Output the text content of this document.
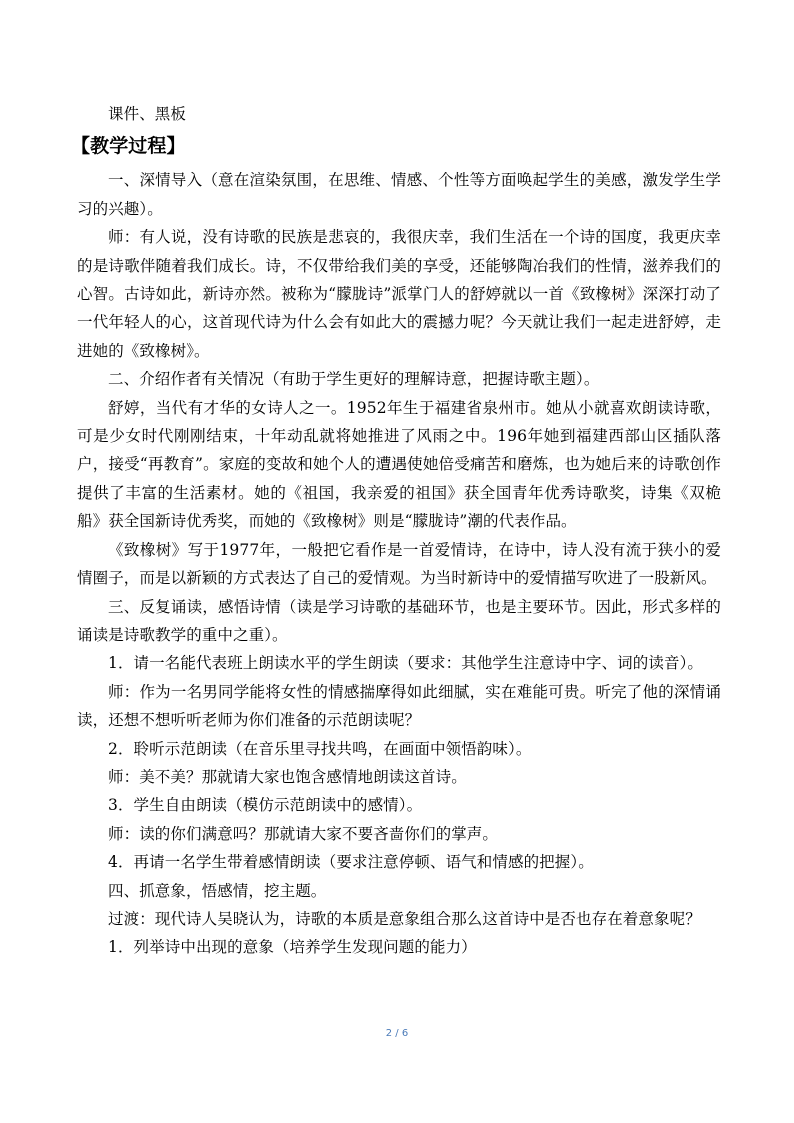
课件、黑板

【教学过程】

一、深情导入（意在渲染氛围，在思维、情感、个性等方面唤起学生的美感，激发学生学习的兴趣）。

师：有人说，没有诗歌的民族是悲哀的，我很庆幸，我们生活在一个诗的国度，我更庆幸的是诗歌伴随着我们成长。诗，不仅带给我们美的享受，还能够陶冶我们的性情，滋养我们的心智。古诗如此，新诗亦然。被称为“朦胧诗”派掌门人的舒婷就以一首《致橡树》深深打动了一代年轻人的心，这首现代诗为什么会有如此大的震撼力呢？今天就让我们一起走进舒婷，走进她的《致橡树》。

二、介绍作者有关情况（有助于学生更好的理解诗意，把握诗歌主题）。

舒婷，当代有才华的女诗人之一。1952年生于福建省泉州市。她从小就喜欢朗读诗歌，可是少女时代刚刚结束，十年动乱就将她推进了风雨之中。196年她到福建西部山区插队落户，接受“再教育”。家庭的变故和她个人的遭遇使她倍受痛苦和磨炼，也为她后来的诗歌创作提供了丰富的生活素材。她的《祖国，我亲爱的祖国》获全国青年优秀诗歌奖，诗集《双桅船》获全国新诗优秀奖，而她的《致橡树》则是“朦胧诗”潮的代表作品。

《致橡树》写于1977年，一般把它看作是一首爱情诗，在诗中，诗人没有流于狭小的爱情圈子，而是以新颖的方式表达了自己的爱情观。为当时新诗中的爱情描写吹进了一股新风。

三、反复诵读，感悟诗情（读是学习诗歌的基础环节，也是主要环节。因此，形式多样的诵读是诗歌教学的重中之重）。

1．请一名能代表班上朗读水平的学生朗读（要求：其他学生注意诗中字、词的读音）。

师：作为一名男同学能将女性的情感揣摩得如此细腻，实在难能可贵。听完了他的深情诵读，还想不想听听老师为你们准备的示范朗读呢？

2．聆听示范朗读（在音乐里寻找共鸣，在画面中领悟韵味）。

师：美不美？那就请大家也饱含感情地朗读这首诗。

3．学生自由朗读（模仿示范朗读中的感情）。

师：读的你们满意吗？那就请大家不要吝啬你们的掌声。

4．再请一名学生带着感情朗读（要求注意停顿、语气和情感的把握）。

四、抓意象，悟感情，挖主题。

过渡：现代诗人吴晓认为，诗歌的本质是意象组合那么这首诗中是否也存在着意象呢？

1．列举诗中出现的意象（培养学生发现问题的能力）

2 / 6
